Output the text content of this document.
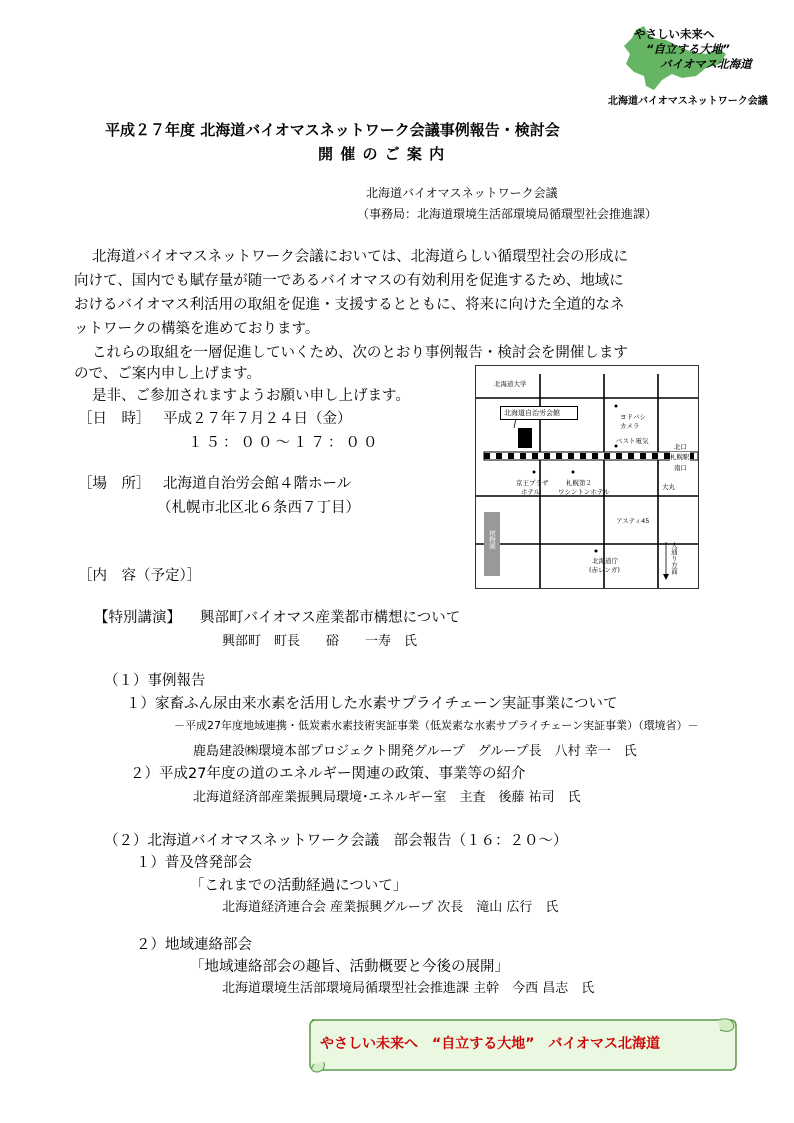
やさしい未来へ
“自立する大地”
バイオマス北海道
北海道バイオマスネットワーク会議
平成２７年度 北海道バイオマスネットワーク会議事例報告・検討会
開 催 の ご 案 内
北海道バイオマスネットワーク会議
（事務局：北海道環境生活部環境局循環型社会推進課）
北海道バイオマスネットワーク会議においては、北海道らしい循環型社会の形成に
向けて、国内でも賦存量が随一であるバイオマスの有効利用を促進するため、地域に
おけるバイオマス利活用の取組を促進・支援するとともに、将来に向けた全道的なネ
ットワークの構築を進めております。
これらの取組を一層促進していくため、次のとおり事例報告・検討会を開催します
ので、ご案内申し上げます。
是非、ご参加されますようお願い申し上げます。
［日　時］ 平成２７年７月２４日（金）
１５：００～１７：００
［場　所］ 北海道自治労会館４階ホール
（札幌市北区北６条西７丁目）
［内　容（予定）］
【特別講演】 興部町バイオマス産業都市構想について
興部町　町長　　硲　　一寿　氏
（１）事例報告
１）家畜ふん尿由来水素を活用した水素サプライチェーン実証事業について
－平成27年度地域連携・低炭素水素技術実証事業（低炭素な水素サプライチェーン実証事業）（環境省）－
鹿島建設㈱環境本部プロジェクト開発グループ　グループ長　八村 幸一　氏
２）平成27年度の道のエネルギー関連の政策、事業等の紹介
北海道経済部産業振興局環境･エネルギー室　主査　後藤 祐司　氏
（２）北海道バイオマスネットワーク会議　部会報告（１６：２０～）
１）普及啓発部会
「これまでの活動経過について」
北海道経済連合会 産業振興グループ 次長　滝山 広行　氏
２）地域連絡部会
「地域連絡部会の趣旨、活動概要と今後の展開」
北海道環境生活部環境局循環型社会推進課 主幹　今西 昌志　氏
北海道自治労会館
北海道大学
ヨドバシ
カメラ
ベスト電気
北口
札幌駅
南口
京王プラザ
ホテル
札幌第２
ワシントンホテル
大丸
アスティ45
植物園
北海道庁
(赤レンガ)	大通り方面
やさしい未来へ　“自立する大地”　バイオマス北海道
